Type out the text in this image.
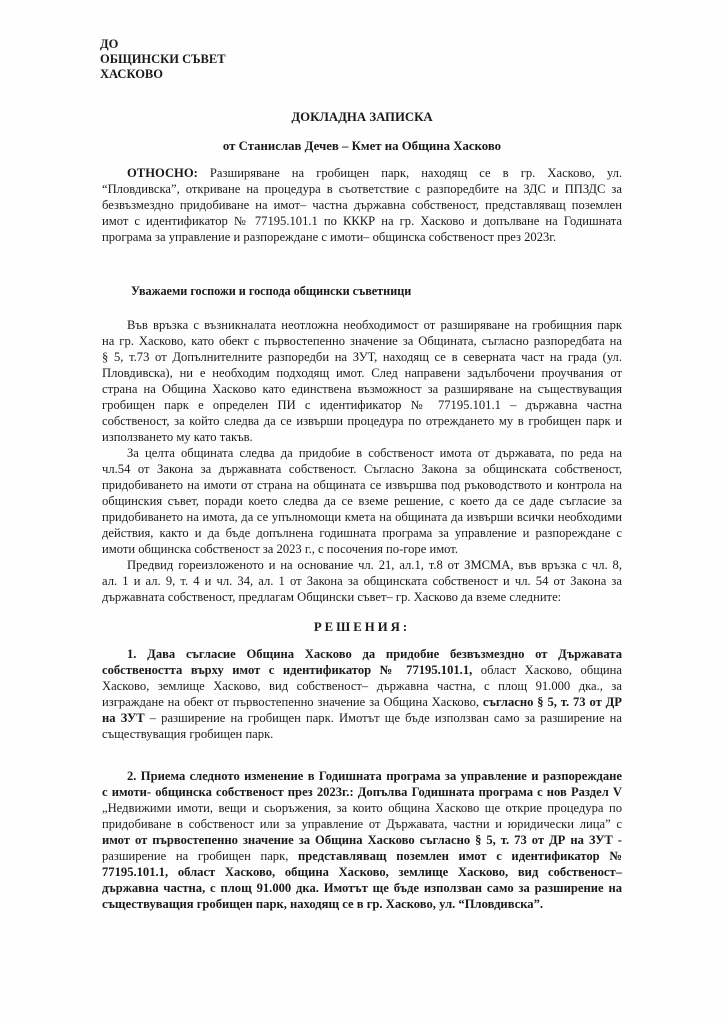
ДО
ОБЩИНСКИ СЪВЕТ
ХАСКОВО
ДОКЛАДНА ЗАПИСКА
от Станислав Дечев – Кмет на Община Хасково
ОТНОСНО: Разширяване на гробищен парк, находящ се в гр. Хасково, ул.
“Пловдивска”, откриване на процедура в съответствие с разпоредбите на ЗДС и ППЗДС за
безвъзмездно придобиване на имот– частна държавна собственост, представляващ поземлен
имот с идентификатор № 77195.101.1 по КККР на гр. Хасково и допълване на Годишната
програма за управление и разпореждане с имоти– общинска собственост през 2023г.
Уважаеми госпожи и господа общински съветници
Във връзка с възникналата неотложна необходимост от разширяване на гробищния парк
на гр. Хасково, като обект с първостепенно значение за Общината, съгласно разпоредбата на
§ 5, т.73 от Допълнителните разпоредби на ЗУТ, находящ се в северната част на града (ул.
Пловдивска), ни е необходим подходящ имот. След направени задълбочени проучвания от
страна на Община Хасково като единствена възможност за разширяване на съществуващия
гробищен парк е определен ПИ с идентификатор № 77195.101.1 – държавна частна
собственост, за който следва да се извърши процедура по отреждането му в гробищен парк и
използването му като такъв.
За целта общината следва да придобие в собственост имота от държавата, по реда на
чл.54 от Закона за държавната собственост. Съгласно Закона за общинската собственост,
придобиването на имоти от страна на общината се извършва под ръководството и контрола на
общинския съвет, поради което следва да се вземе решение, с което да се даде съгласие за
придобиването на имота, да се упълномощи кмета на общината да извърши всички необходими
действия, както и да бъде допълнена годишната програма за управление и разпореждане с
имоти общинска собственост за 2023 г., с посочения по-горе имот.
Предвид гореизложеното и на основание чл. 21, ал.1, т.8 от ЗМСМА, във връзка с чл. 8,
ал. 1 и ал. 9, т. 4 и чл. 34, ал. 1 от Закона за общинската собственост и чл. 54 от Закона за
държавната собственост, предлагам Общински съвет– гр. Хасково да вземе следните:
РЕШЕНИЯ:
1. Дава съгласие Община Хасково да придобие безвъзмездно от Държавата
собствеността върху имот с идентификатор № 77195.101.1, област Хасково, община
Хасково, землище Хасково, вид собственост– държавна частна, с площ 91.000 дка., за
изграждане на обект от първостепенно значение за Община Хасково, съгласно § 5, т. 73 от ДР
на ЗУТ – разширение на гробищен парк. Имотът ще бъде използван само за разширение на
съществуващия гробищен парк.
2. Приема следното изменение в Годишната програма за управление и разпореждане
с имоти- общинска собственост през 2023г.: Допълва Годишната програма с нов Раздел V
„Недвижими имоти, вещи и сьоръжения, за които община Хасково ще открие процедура по
придобиване в собственост или за управление от Държавата, частни и юридически лица” с
имот от първостепенно значение за Община Хасково съгласно § 5, т. 73 от ДР на ЗУТ -
разширение на гробищен парк, представляващ поземлен имот с идентификатор №
77195.101.1, област Хасково, община Хасково, землище Хасково, вид собственост–
държавна частна, с площ 91.000 дка. Имотът ще бъде използван само за разширение на
съществуващия гробищен парк, находящ се в гр. Хасково, ул. “Пловдивска”.
